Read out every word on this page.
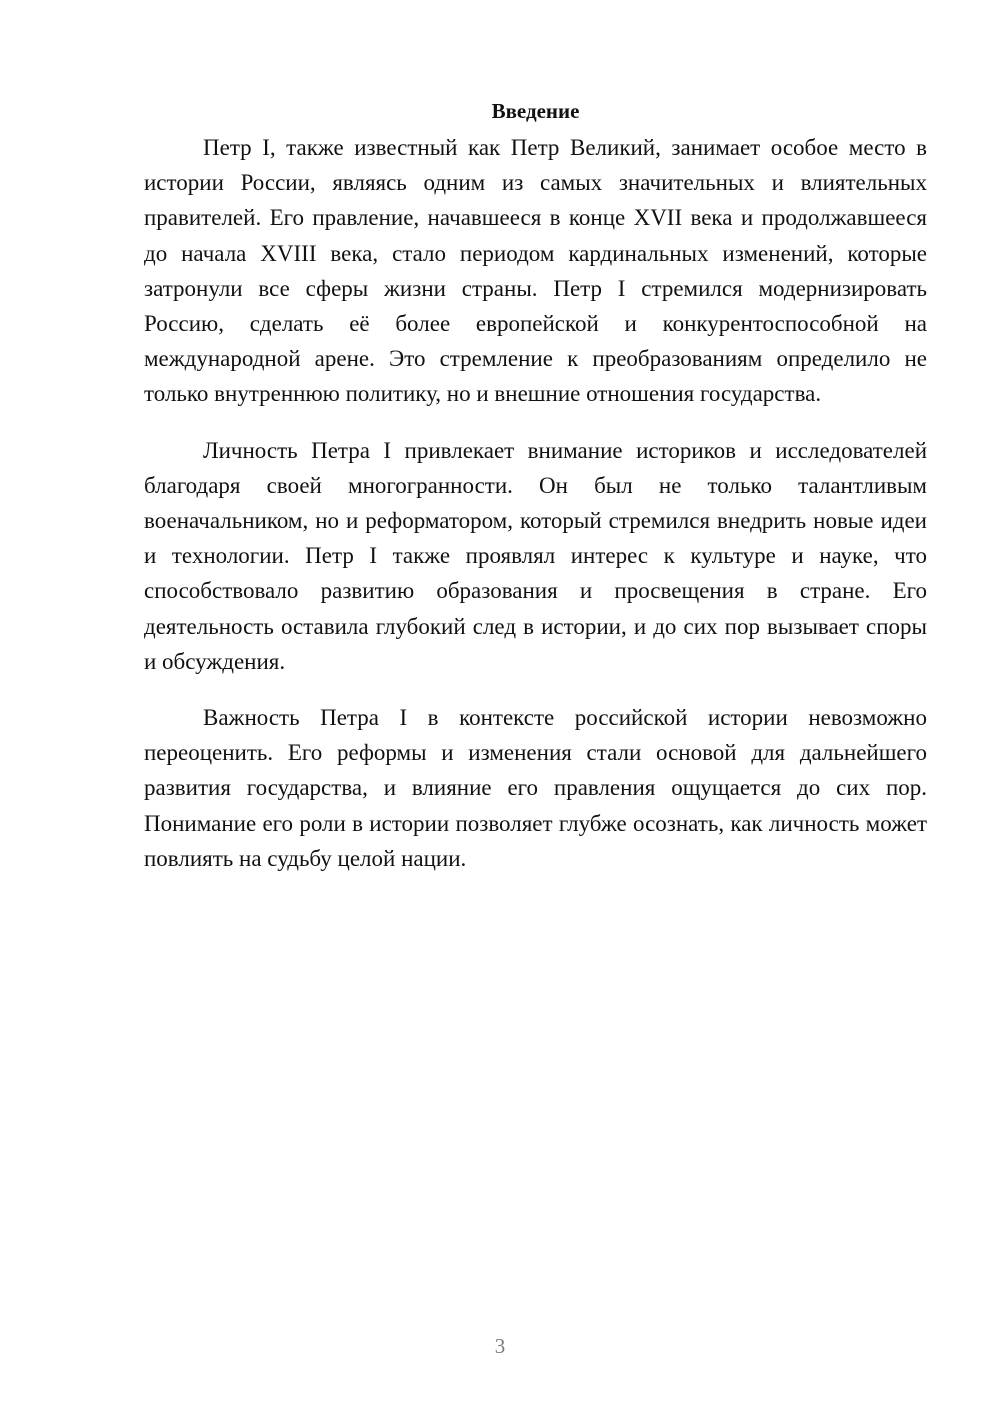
Введение

Петр I, также известный как Петр Великий, занимает особое место в истории России, являясь одним из самых значительных и влиятельных правителей. Его правление, начавшееся в конце XVII века и продолжавшееся до начала XVIII века, стало периодом кардинальных изменений, которые затронули все сферы жизни страны. Петр I стремился модернизировать Россию, сделать её более европейской и конкурентоспособной на международной арене. Это стремление к преобразованиям определило не только внутреннюю политику, но и внешние отношения государства.

Личность Петра I привлекает внимание историков и исследователей благодаря своей многогранности. Он был не только талантливым военачальником, но и реформатором, который стремился внедрить новые идеи и технологии. Петр I также проявлял интерес к культуре и науке, что способствовало развитию образования и просвещения в стране. Его деятельность оставила глубокий след в истории, и до сих пор вызывает споры и обсуждения.

Важность Петра I в контексте российской истории невозможно переоценить. Его реформы и изменения стали основой для дальнейшего развития государства, и влияние его правления ощущается до сих пор. Понимание его роли в истории позволяет глубже осознать, как личность может повлиять на судьбу целой нации.

3
